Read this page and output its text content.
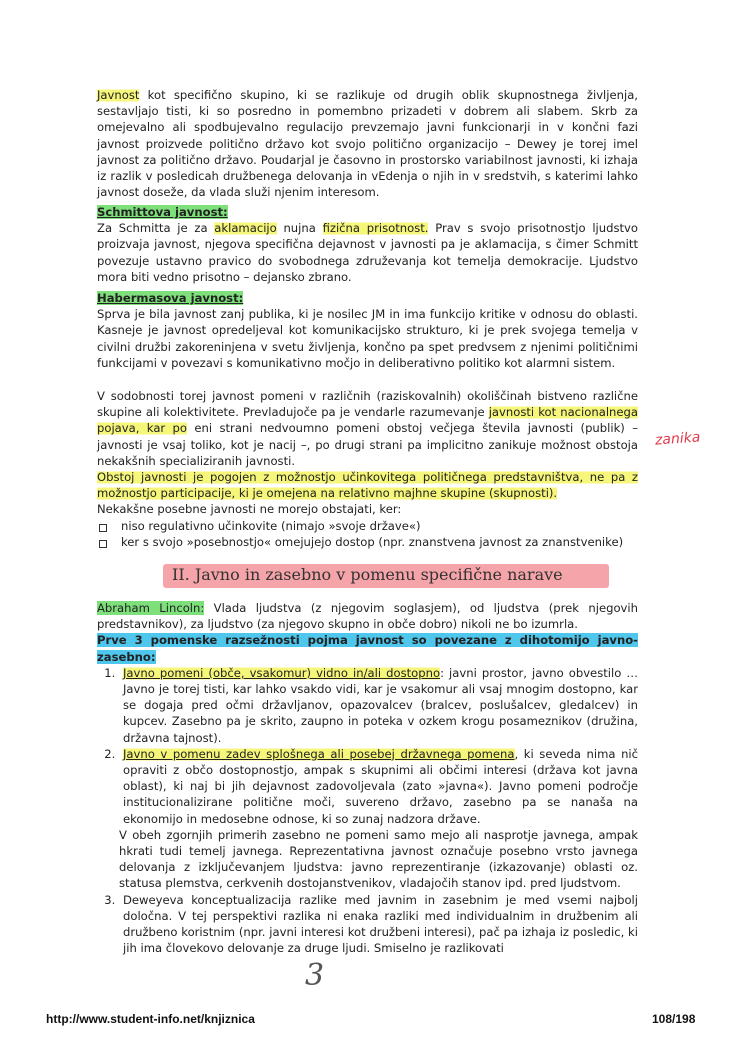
Javnost kot specifično skupino, ki se razlikuje od drugih oblik skupnostnega življenja, sestavljajo tisti, ki so posredno in pomembno prizadeti v dobrem ali slabem. Skrb za omejevalno ali spodbujevalno regulacijo prevzemajo javni funkcionarji in v končni fazi javnost proizvede politično državo kot svojo politično organizacijo – Dewey je torej imel javnost za politično državo. Poudarjal je časovno in prostorsko variabilnost javnosti, ki izhaja iz razlik v posledicah družbenega delovanja in vEdenja o njih in v sredstvih, s katerimi lahko javnost doseže, da vlada služi njenim interesom.

Schmittova javnost:

Za Schmitta je za aklamacijo nujna fizična prisotnost. Prav s svojo prisotnostjo ljudstvo proizvaja javnost, njegova specifična dejavnost v javnosti pa je aklamacija, s čimer Schmitt povezuje ustavno pravico do svobodnega združevanja kot temelja demokracije. Ljudstvo mora biti vedno prisotno – dejansko zbrano.

Habermasova javnost:

Sprva je bila javnost zanj publika, ki je nosilec JM in ima funkcijo kritike v odnosu do oblasti. Kasneje je javnost opredeljeval kot komunikacijsko strukturo, ki je prek svojega temelja v civilni družbi zakoreninjena v svetu življenja, končno pa spet predvsem z njenimi političnimi funkcijami v povezavi s komunikativno močjo in deliberativno politiko kot alarmni sistem.

V sodobnosti torej javnost pomeni v različnih (raziskovalnih) okoliščinah bistveno različne skupine ali kolektivitete. Prevladujoče pa je vendarle razumevanje javnosti kot nacionalnega pojava, kar po eni strani nedvoumno pomeni obstoj večjega števila javnosti (publik) – javnosti je vsaj toliko, kot je nacij –, po drugi strani pa implicitno zanikuje možnost obstoja nekakšnih specializiranih javnosti.

Obstoj javnosti je pogojen z možnostjo učinkovitega političnega predstavništva, ne pa z možnostjo participacije, ki je omejena na relativno majhne skupine (skupnosti).

Nekakšne posebne javnosti ne morejo obstajati, ker:

niso regulativno učinkovite (nimajo »svoje države«)
ker s svojo »posebnostjo« omejujejo dostop (npr. znanstvena javnost za znanstvenike)
zanika
II. Javno in zasebno v pomenu specifične narave

Abraham Lincoln: Vlada ljudstva (z njegovim soglasjem), od ljudstva (prek njegovih predstavnikov), za ljudstvo (za njegovo skupno in obče dobro) nikoli ne bo izumrla.

Prve 3 pomenske razsežnosti pojma javnost so povezane z dihotomijo javno-zasebno:

1. Javno pomeni (obče, vsakomur) vidno in/ali dostopno: javni prostor, javno obvestilo … Javno je torej tisti, kar lahko vsakdo vidi, kar je vsakomur ali vsaj mnogim dostopno, kar se dogaja pred očmi državljanov, opazovalcev (bralcev, poslušalcev, gledalcev) in kupcev. Zasebno pa je skrito, zaupno in poteka v ozkem krogu posameznikov (družina, državna tajnost).
2. Javno v pomenu zadev splošnega ali posebej državnega pomena, ki seveda nima nič opraviti z občo dostopnostjo, ampak s skupnimi ali občimi interesi (država kot javna oblast), ki naj bi jih dejavnost zadovoljevala (zato »javna«). Javno pomeni področje institucionalizirane politične moči, suvereno državo, zasebno pa se nanaša na ekonomijo in medosebne odnose, ki so zunaj nadzora države.

V obeh zgornjih primerih zasebno ne pomeni samo mejo ali nasprotje javnega, ampak hkrati tudi temelj javnega. Reprezentativna javnost označuje posebno vrsto javnega delovanja z izključevanjem ljudstva: javno reprezentiranje (izkazovanje) oblasti oz. statusa plemstva, cerkvenih dostojanstvenikov, vladajočih stanov ipd. pred ljudstvom.

3. Deweyeva konceptualizacija razlike med javnim in zasebnim je med vsemi najbolj določna. V tej perspektivi razlika ni enaka razliki med individualnim in družbenim ali družbeno koristnim (npr. javni interesi kot družbeni interesi), pač pa izhaja iz posledic, ki jih ima človekovo delovanje za druge ljudi. Smiselno je razlikovati
3
http://www.student-info.net/knjiznica	108/198
